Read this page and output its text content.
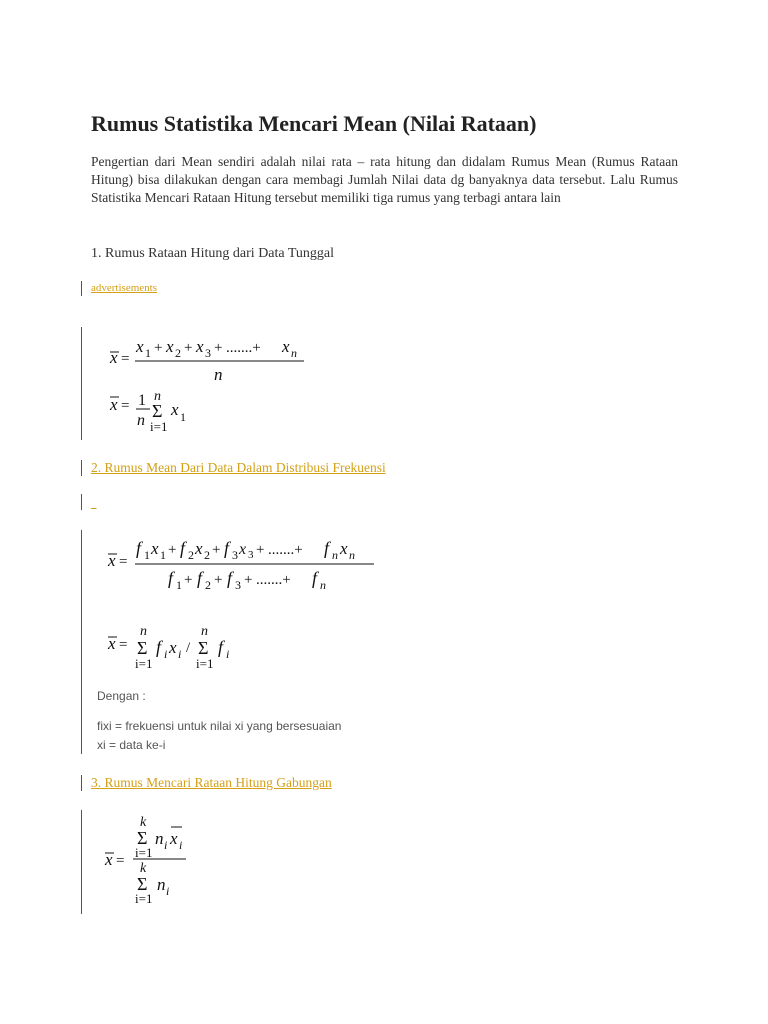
Rumus Statistika Mencari Mean (Nilai Rataan)
Pengertian dari Mean sendiri adalah nilai rata – rata hitung dan didalam Rumus Mean (Rumus Rataan Hitung) bisa dilakukan dengan cara membagi Jumlah Nilai data dg banyaknya data tersebut. Lalu Rumus Statistika Mencari Rataan Hitung tersebut memiliki tiga rumus yang terbagi antara lain
1. Rumus Rataan Hitung dari Data Tunggal
advertisements
x =
x 1 + x 2 + x 3 + .......+ x n
n
x = 1
n
n
Σ
i=1
x 1
2. Rumus Mean Dari Data Dalam Distribusi Frekuensi
_
x =
f 1 x 1 + f 2 x 2 + f 3 x 3 + .......+ f n x n
f 1 + f 2 + f 3 + .......+ f n
x =
n
Σ
i=1
f i x i /
n
Σ
i=1
f i
Dengan :
fixi = frekuensi untuk nilai xi yang bersesuaian
xi = data ke-i
3. Rumus Mencari Rataan Hitung Gabungan
x =
k
Σ
i=1
n i x i
k
Σ
i=1
n i
